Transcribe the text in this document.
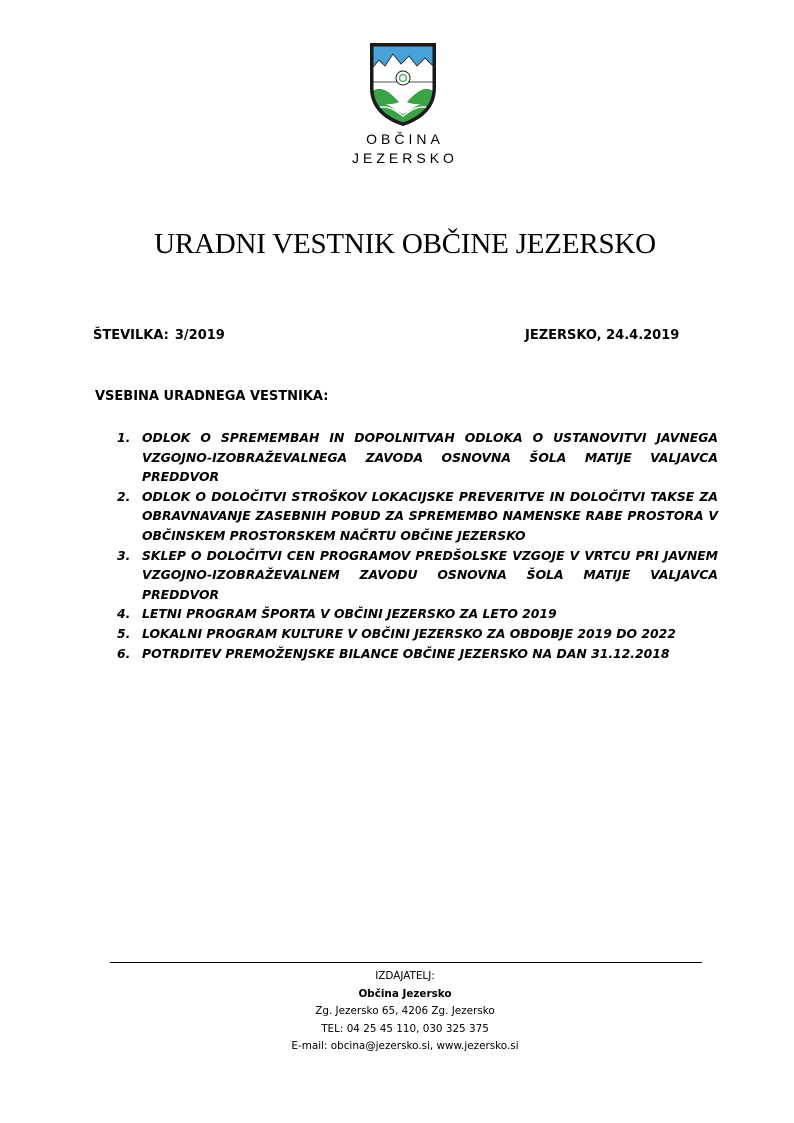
OBČINA
JEZERSKO
URADNI VESTNIK OBČINE JEZERSKO
ŠTEVILKA: 3/2019	JEZERSKO, 24.4.2019
VSEBINA URADNEGA VESTNIKA:
1. ODLOK O SPREMEMBAH IN DOPOLNITVAH ODLOKA O USTANOVITVI JAVNEGA VZGOJNO-IZOBRAŽEVALNEGA ZAVODA OSNOVNA ŠOLA MATIJE VALJAVCA PREDDVOR
2. ODLOK O DOLOČITVI STROŠKOV LOKACIJSKE PREVERITVE IN DOLOČITVI TAKSE ZA OBRAVNAVANJE ZASEBNIH POBUD ZA SPREMEMBO NAMENSKE RABE PROSTORA V OBČINSKEM PROSTORSKEM NAČRTU OBČINE JEZERSKO
3. SKLEP O DOLOČITVI CEN PROGRAMOV PREDŠOLSKE VZGOJE V VRTCU PRI JAVNEM VZGOJNO-IZOBRAŽEVALNEM ZAVODU OSNOVNA ŠOLA MATIJE VALJAVCA PREDDVOR
4. LETNI PROGRAM ŠPORTA V OBČINI JEZERSKO ZA LETO 2019
5. LOKALNI PROGRAM KULTURE V OBČINI JEZERSKO ZA OBDOBJE 2019 DO 2022
6. POTRDITEV PREMOŽENJSKE BILANCE OBČINE JEZERSKO NA DAN 31.12.2018
IZDAJATELJ:
Občina Jezersko
Zg. Jezersko 65, 4206 Zg. Jezersko
TEL: 04 25 45 110, 030 325 375
E-mail: obcina@jezersko.si, www.jezersko.si
